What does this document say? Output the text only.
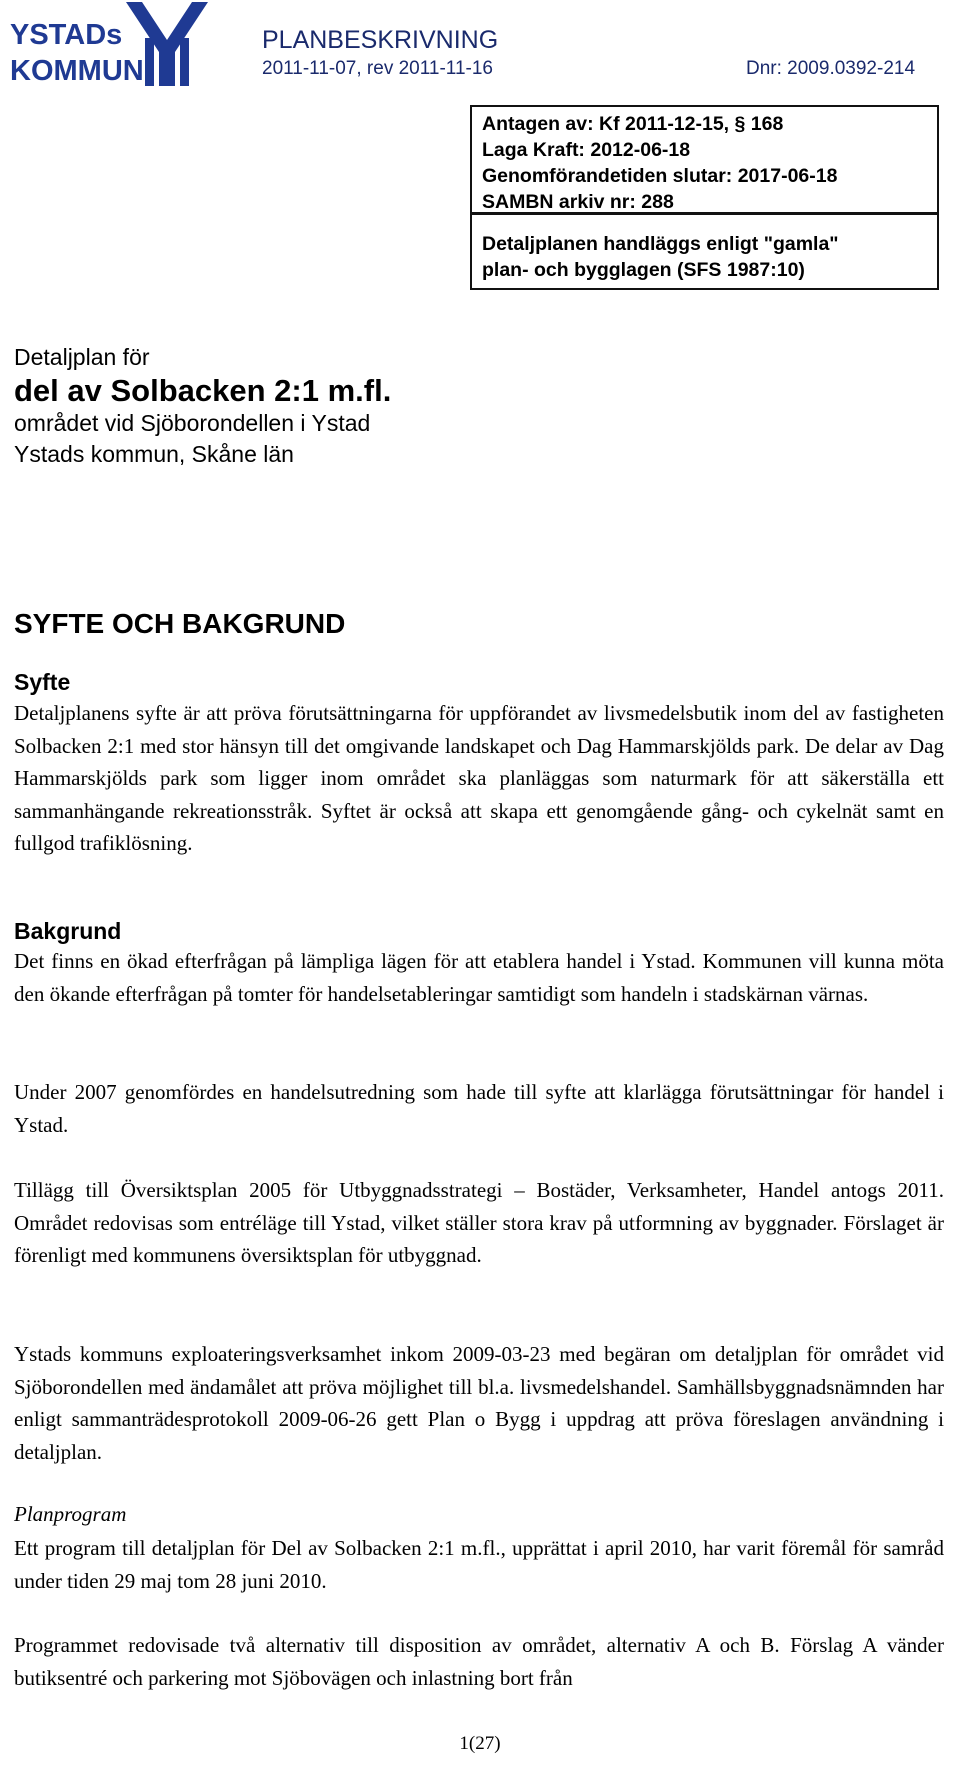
YSTADs
KOMMUN
PLANBESKRIVNING
2011-11-07, rev 2011-11-16	Dnr: 2009.0392-214
Antagen av: Kf 2011-12-15, § 168
Laga Kraft: 2012-06-18
Genomförandetiden slutar: 2017-06-18
SAMBN arkiv nr: 288
Detaljplanen handläggs enligt "gamla"
plan- och bygglagen (SFS 1987:10)
Detaljplan för
del av Solbacken 2:1 m.fl.
området vid Sjöborondellen i Ystad
Ystads kommun, Skåne län
SYFTE OCH BAKGRUND
Syfte

Detaljplanens syfte är att pröva förutsättningarna för uppförandet av livsmedelsbutik inom del av fastigheten Solbacken 2:1 med stor hänsyn till det omgivande landskapet och Dag Hammarskjölds park. De delar av Dag Hammarskjölds park som ligger inom området ska planläggas som naturmark för att säkerställa ett sammanhängande rekreationsstråk. Syftet är också att skapa ett genomgående gång- och cykelnät samt en fullgod trafiklösning.

Bakgrund

Det finns en ökad efterfrågan på lämpliga lägen för att etablera handel i Ystad. Kommunen vill kunna möta den ökande efterfrågan på tomter för handelsetableringar samtidigt som handeln i stadskärnan värnas.

Under 2007 genomfördes en handelsutredning som hade till syfte att klarlägga förutsättningar för handel i Ystad.

Tillägg till Översiktsplan 2005 för Utbyggnadsstrategi – Bostäder, Verksamheter, Handel antogs 2011. Området redovisas som entréläge till Ystad, vilket ställer stora krav på utformning av byggnader. Förslaget är förenligt med kommunens översiktsplan för utbyggnad.

Ystads kommuns exploateringsverksamhet inkom 2009-03-23 med begäran om detaljplan för området vid Sjöborondellen med ändamålet att pröva möjlighet till bl.a. livsmedelshandel. Samhällsbyggnadsnämnden har enligt sammanträdesprotokoll 2009-06-26 gett Plan o Bygg i uppdrag att pröva föreslagen användning i detaljplan.

Planprogram

Ett program till detaljplan för Del av Solbacken 2:1 m.fl., upprättat i april 2010, har varit föremål för samråd under tiden 29 maj tom 28 juni 2010.

Programmet redovisade två alternativ till disposition av området, alternativ A och B. Förslag A vänder butiksentré och parkering mot Sjöbovägen och inlastning bort från

1(27)
